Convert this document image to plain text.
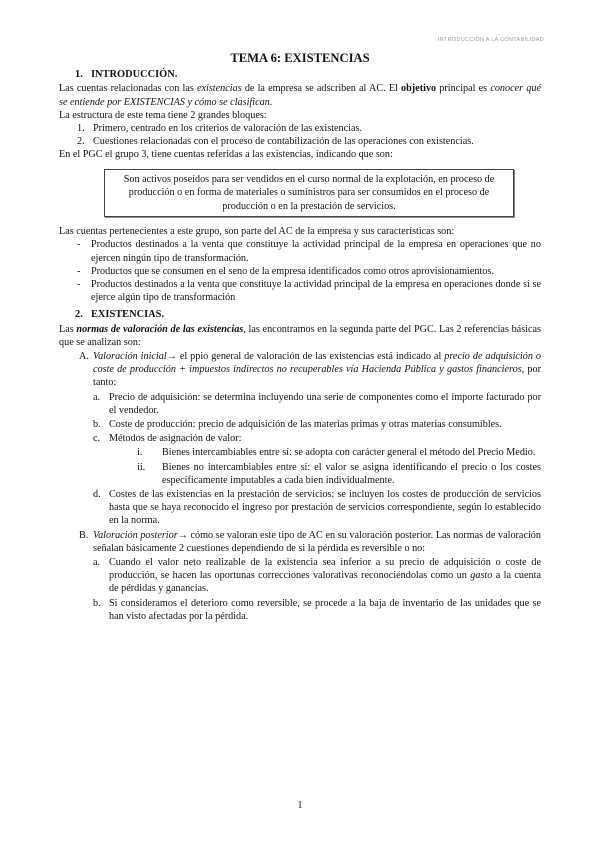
INTRODUCCIÓN A LA CONTABILIDAD
TEMA 6: EXISTENCIAS
1. INTRODUCCIÓN.

Las cuentas relacionadas con las existencias de la empresa se adscriben al AC. El objetivo principal es conocer qué se entiende por EXISTENCIAS y cómo se clasifican.

La estructura de este tema tiene 2 grandes bloques:

1. Primero, centrado en los criterios de valoración de las existencias.
2. Cuestiones relacionadas con el proceso de contabilización de las operaciones con existencias.

En el PGC el grupo 3, tiene cuentas referidas a las existencias, indicando que son:

Son activos poseídos para ser vendidos en el curso normal de la explotación, en proceso de producción o en forma de materiales o suministros para ser consumidos en el proceso de producción o en la prestación de servicios.

Las cuentas pertenecientes a este grupo, son parte del AC de la empresa y sus características son:

-	Productos destinados a la venta que constituye la actividad principal de la empresa en operaciones que no ejercen ningún tipo de transformación.
-	Productos que se consumen en el seno de la empresa identificados como otros aprovisionamientos.
-	Productos destinados a la venta que constituye la actividad principal de la empresa en operaciones donde sí se ejerce algún tipo de transformación
2. EXISTENCIAS.

Las normas de valoración de las existencias, las encontramos en la segunda parte del PGC. Las 2 referencias básicas que se analizan son:

A. Valoración inicial→ el ppio general de valoración de las existencias está indicado al precio de adquisición o coste de producción + impuestos indirectos no recuperables vía Hacienda Pública y gastos financieros, por tanto:
a. Precio de adquisición: se determina incluyendo una serie de componentes como el importe facturado por el vendedor.
b. Coste de producción: precio de adquisición de las materias primas y otras materias consumibles.
c. Métodos de asignación de valor:
i.	Bienes intercambiables entre sí: se adopta con carácter general el método del Precio Medio.
ii.	Bienes no intercambiables entre sí: el valor se asigna identificando el precio o los costes específicamente imputables a cada bien individualmente.
d. Costes de las existencias en la prestación de servicios: se incluyen los costes de producción de servicios hasta que se haya reconocido el ingreso por prestación de servicios correspondiente, según lo establecido en la norma.
B. Valoración posterior→ cómo se valoran este tipo de AC en su valoración posterior. Las normas de valoración señalan básicamente 2 cuestiones dependiendo de si la pérdida es reversible o no:
a. Cuando el valor neto realizable de la existencia sea inferior a su precio de adquisición o coste de producción, se hacen las oportunas correcciones valorativas reconociéndolas como un gasto a la cuenta de pérdidas y ganancias.
b. Si consideramos el deterioro como reversible, se procede a la baja de inventario de las unidades que se han visto afectadas por la pérdida.
1
